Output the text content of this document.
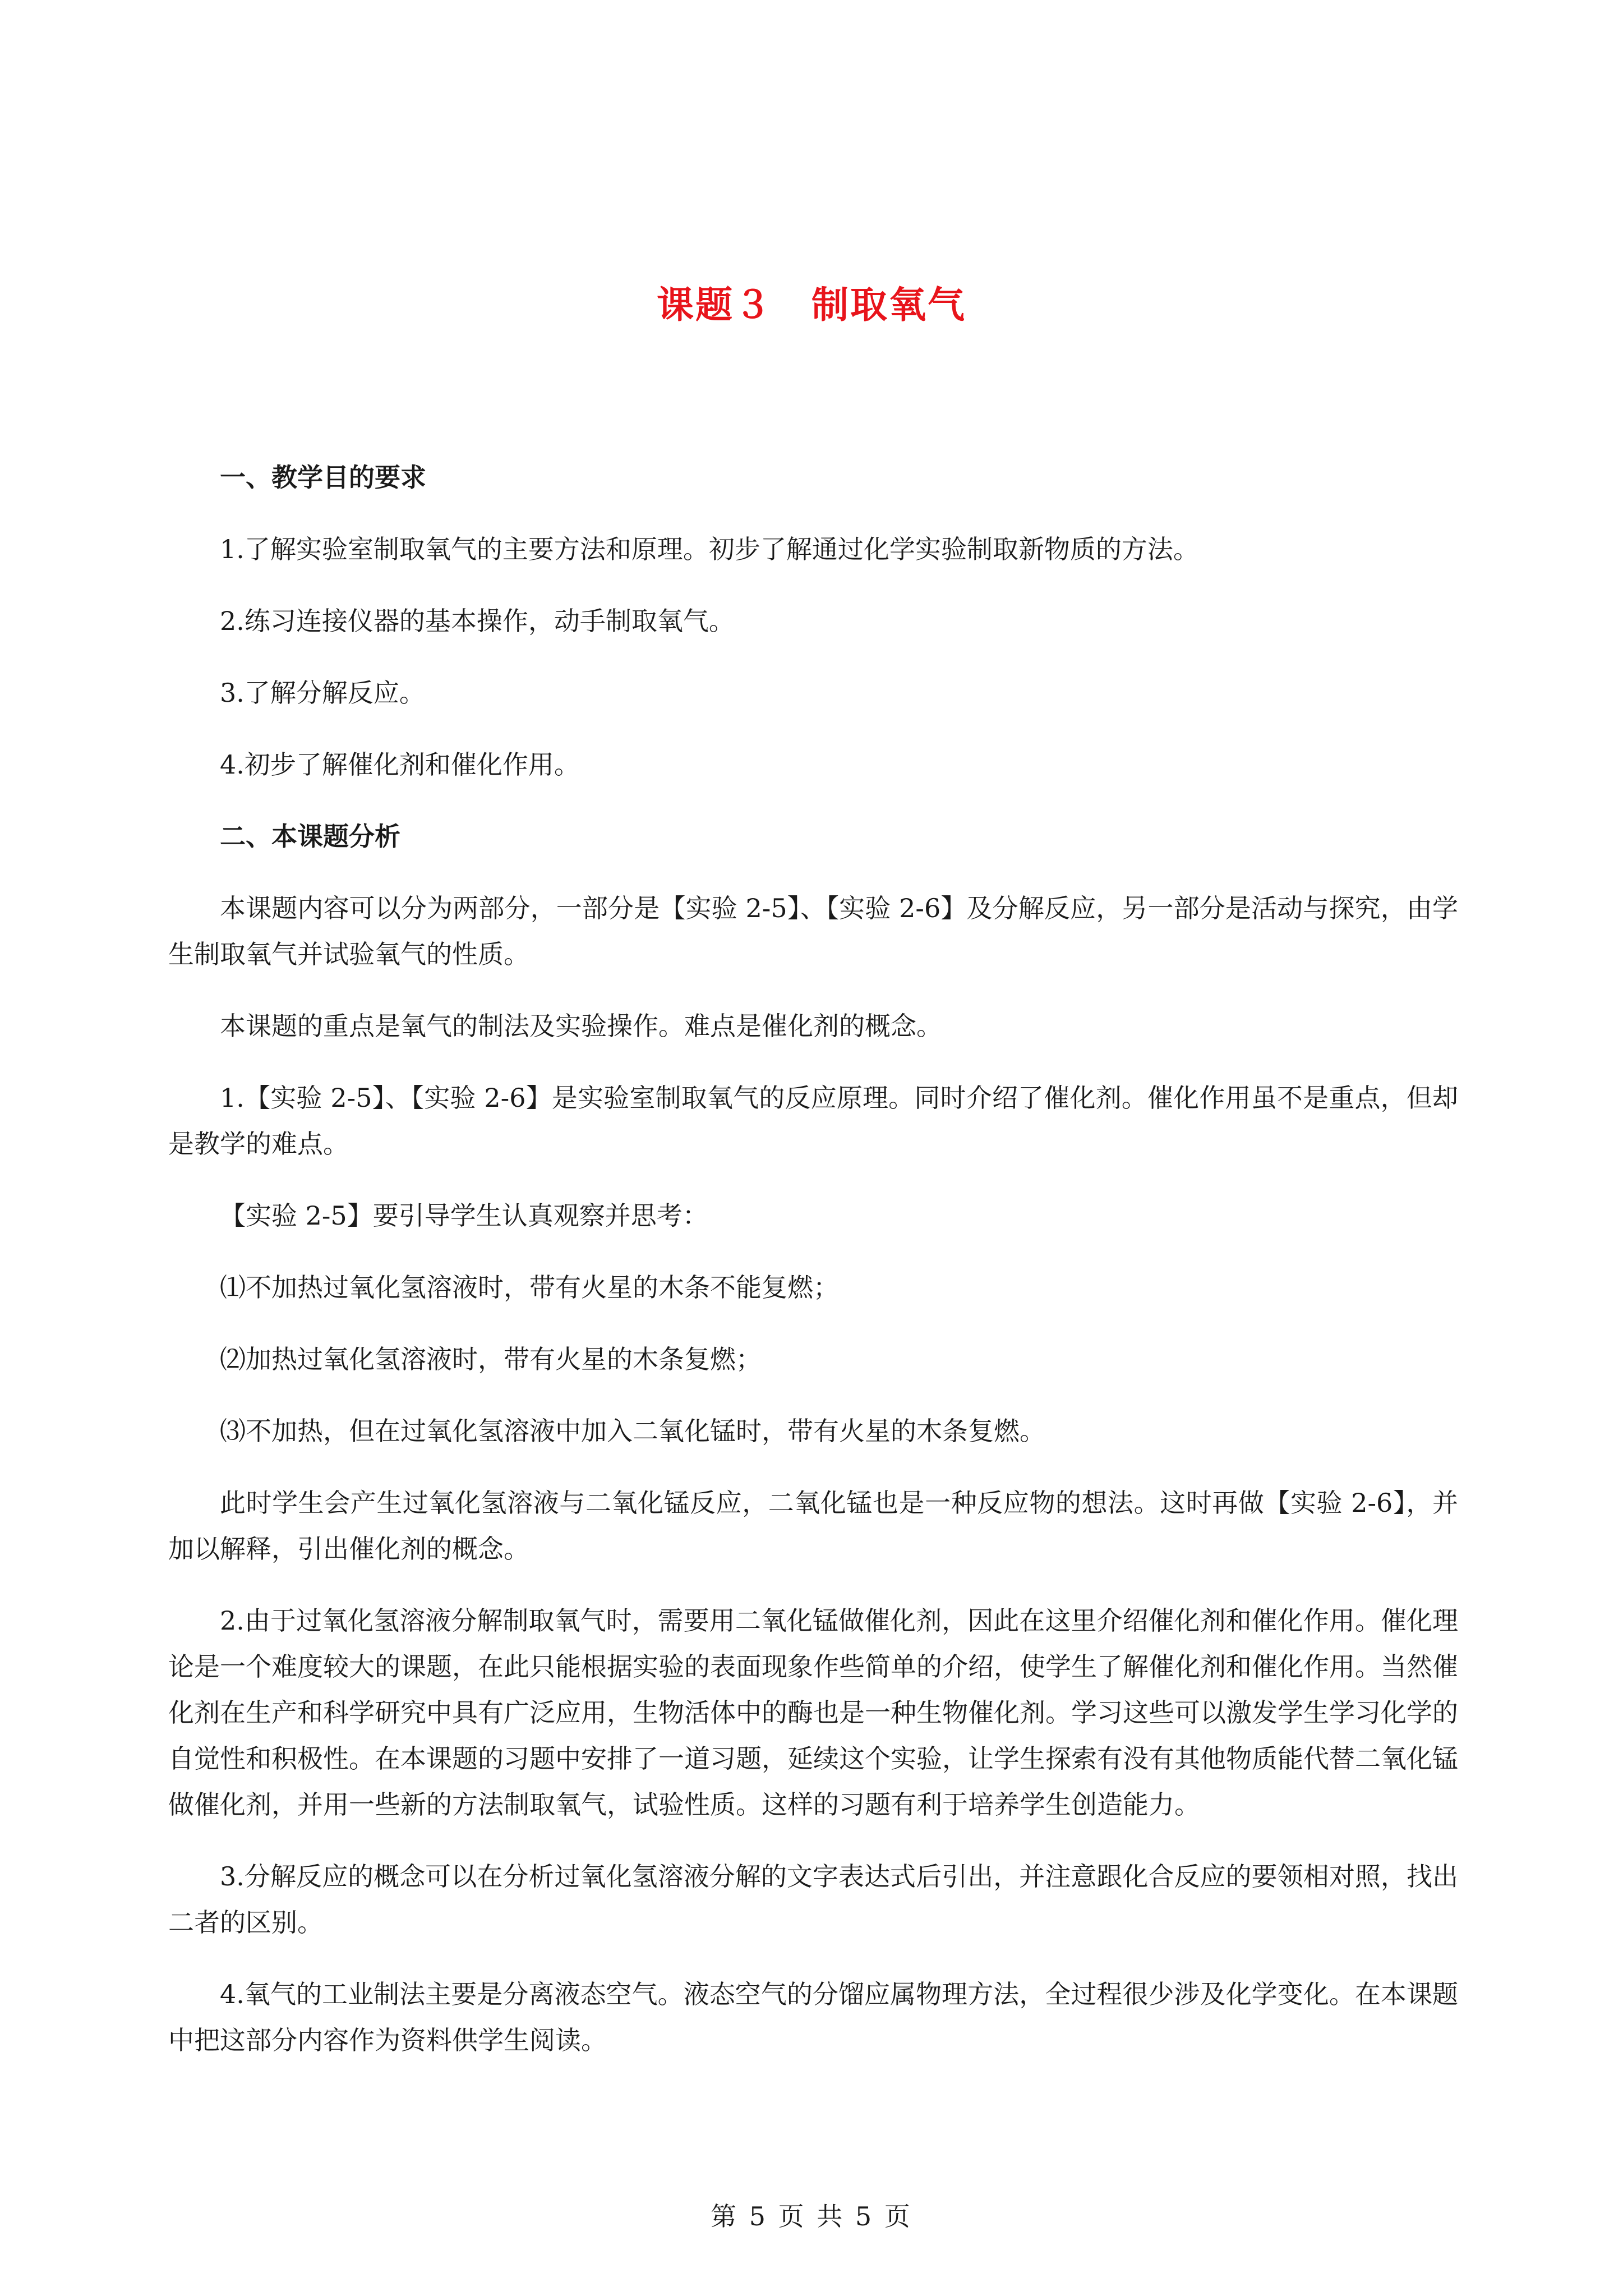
课题３　制取氧气

一、教学目的要求

1.了解实验室制取氧气的主要方法和原理。初步了解通过化学实验制取新物质的方法。

2.练习连接仪器的基本操作，动手制取氧气。

3.了解分解反应。

4.初步了解催化剂和催化作用。

二、本课题分析

本课题内容可以分为两部分，一部分是【实验 2-5】、【实验 2-6】及分解反应，另一部分是活动与探究，由学生制取氧气并试验氧气的性质。

本课题的重点是氧气的制法及实验操作。难点是催化剂的概念。

1.【实验 2-5】、【实验 2-6】是实验室制取氧气的反应原理。同时介绍了催化剂。催化作用虽不是重点，但却是教学的难点。

【实验 2-5】要引导学生认真观察并思考：

⑴不加热过氧化氢溶液时，带有火星的木条不能复燃；

⑵加热过氧化氢溶液时，带有火星的木条复燃；

⑶不加热，但在过氧化氢溶液中加入二氧化锰时，带有火星的木条复燃。

此时学生会产生过氧化氢溶液与二氧化锰反应，二氧化锰也是一种反应物的想法。这时再做【实验 2-6】，并加以解释，引出催化剂的概念。

2.由于过氧化氢溶液分解制取氧气时，需要用二氧化锰做催化剂，因此在这里介绍催化剂和催化作用。催化理论是一个难度较大的课题，在此只能根据实验的表面现象作些简单的介绍，使学生了解催化剂和催化作用。当然催化剂在生产和科学研究中具有广泛应用，生物活体中的酶也是一种生物催化剂。学习这些可以激发学生学习化学的自觉性和积极性。在本课题的习题中安排了一道习题，延续这个实验，让学生探索有没有其他物质能代替二氧化锰做催化剂，并用一些新的方法制取氧气，试验性质。这样的习题有利于培养学生创造能力。

3.分解反应的概念可以在分析过氧化氢溶液分解的文字表达式后引出，并注意跟化合反应的要领相对照，找出二者的区别。

4.氧气的工业制法主要是分离液态空气。液态空气的分馏应属物理方法，全过程很少涉及化学变化。在本课题中把这部分内容作为资料供学生阅读。

第 5 页 共 5 页
